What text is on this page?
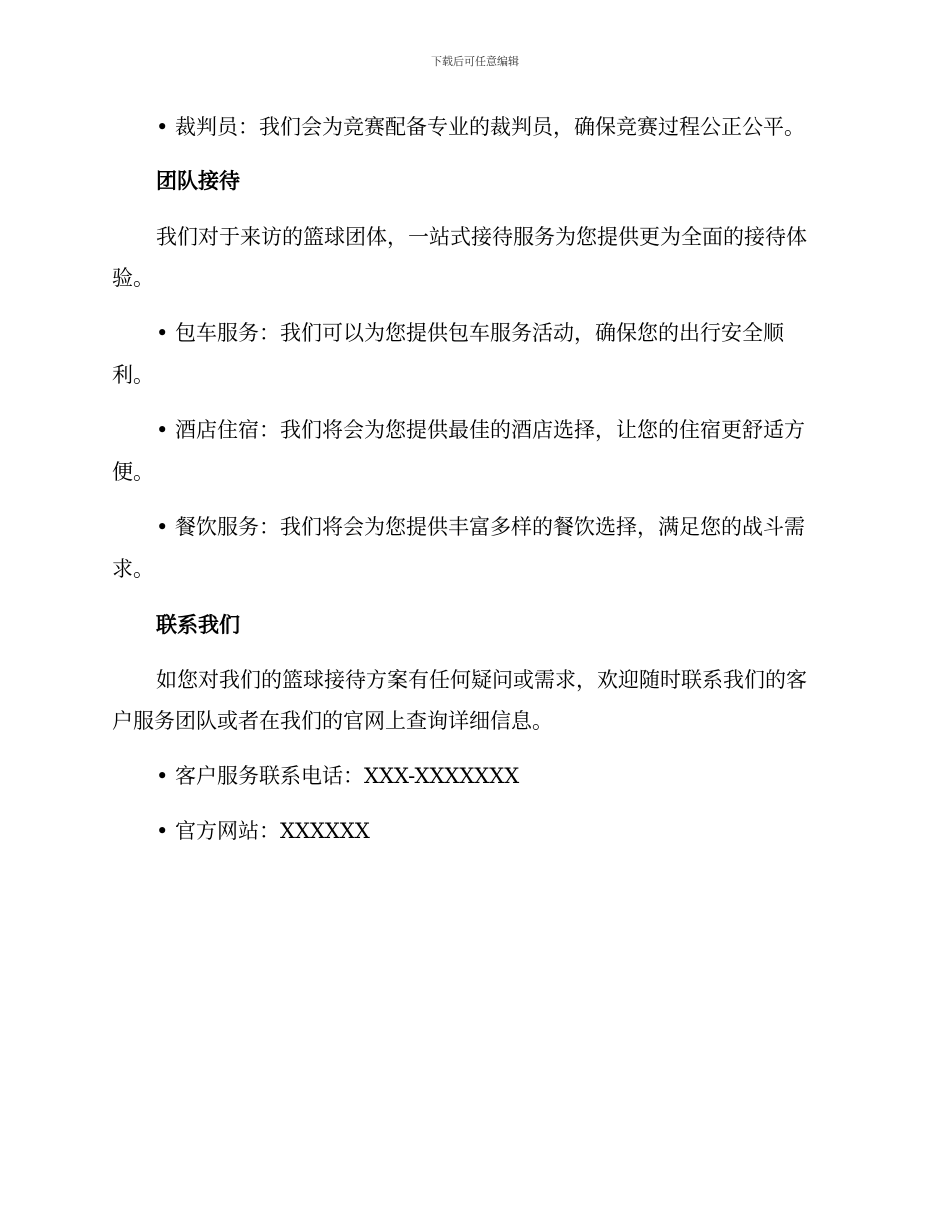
下载后可任意编辑
• 裁判员：我们会为竞赛配备专业的裁判员，确保竞赛过程公正公平。
团队接待
我们对于来访的篮球团体，一站式接待服务为您提供更为全面的接待体
验。
• 包车服务：我们可以为您提供包车服务活动，确保您的出行安全顺
利。
• 酒店住宿：我们将会为您提供最佳的酒店选择，让您的住宿更舒适方
便。
• 餐饮服务：我们将会为您提供丰富多样的餐饮选择，满足您的战斗需
求。
联系我们
如您对我们的篮球接待方案有任何疑问或需求，欢迎随时联系我们的客
户服务团队或者在我们的官网上查询详细信息。
• 客户服务联系电话：XXX-XXXXXXX
• 官方网站：XXXXXX
